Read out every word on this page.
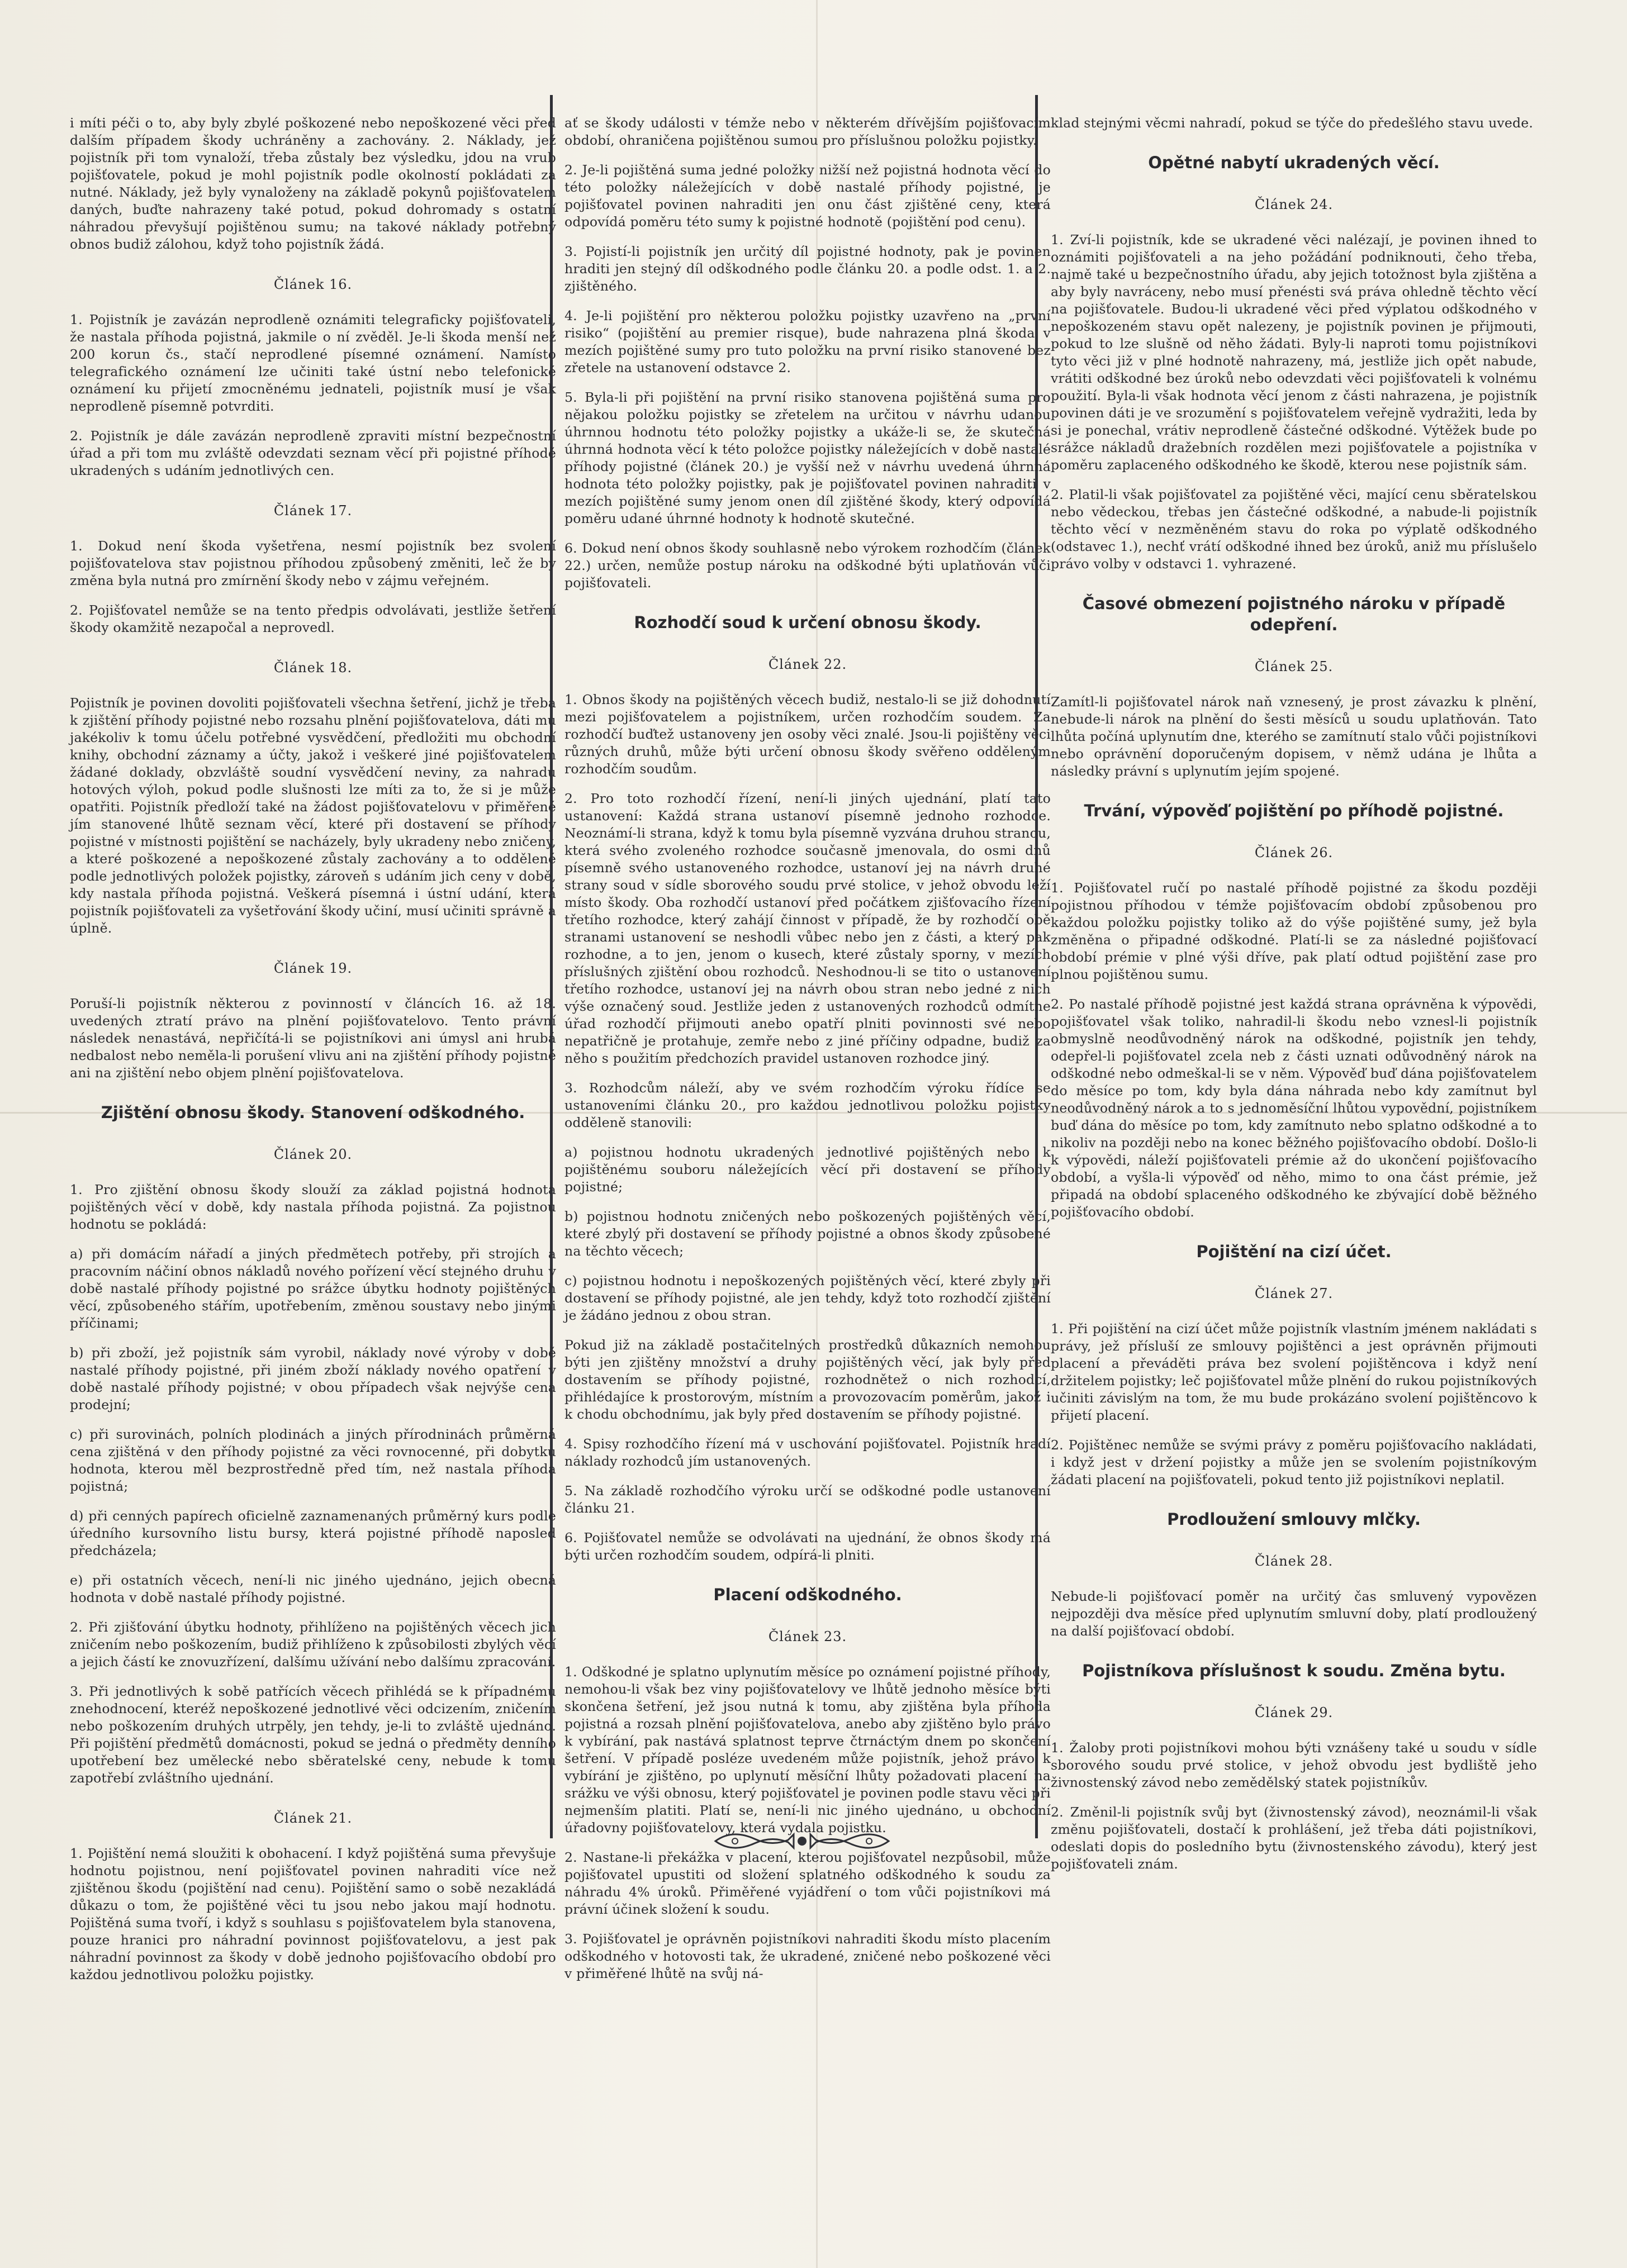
i míti péči o to, aby byly zbylé poškozené nebo nepoškozené věci před dalším případem škody uchráněny a zachovány. 2. Náklady, jež pojistník při tom vynaloží, třeba zůstaly bez výsledku, jdou na vrub pojišťovatele, pokud je mohl pojistník podle okolností pokládati za nutné. Náklady, jež byly vynaloženy na základě pokynů pojišťovatelem daných, buďte nahrazeny také potud, pokud dohromady s ostatní náhradou převyšují pojištěnou sumu; na takové náklady potřebný obnos budiž zálohou, když toho pojistník žádá.

Článek 16.

1. Pojistník je zavázán neprodleně oznámiti telegraficky pojišťovateli, že nastala příhoda pojistná, jakmile o ní zvěděl. Je-li škoda menší než 200 korun čs., stačí neprodlené písemné oznámení. Namísto telegrafického oznámení lze učiniti také ústní nebo telefonické oznámení ku přijetí zmocněnému jednateli, pojistník musí je však neprodleně písemně potvrditi.

2. Pojistník je dále zavázán neprodleně zpraviti místní bezpečnostní úřad a při tom mu zvláště odevzdati seznam věcí při pojistné příhodě ukradených s udáním jednotlivých cen.

Článek 17.

1. Dokud není škoda vyšetřena, nesmí pojistník bez svolení pojišťovatelova stav pojistnou příhodou způsobený změniti, leč že by změna byla nutná pro zmírnění škody nebo v zájmu veřejném.

2. Pojišťovatel nemůže se na tento předpis odvolávati, jestliže šetření škody okamžitě nezapočal a neprovedl.

Článek 18.

Pojistník je povinen dovoliti pojišťovateli všechna šetření, jichž je třeba k zjištění příhody pojistné nebo rozsahu plnění pojišťovatelova, dáti mu jakékoliv k tomu účelu potřebné vysvědčení, předložiti mu obchodní knihy, obchodní záznamy a účty, jakož i veškeré jiné pojišťovatelem žádané doklady, obzvláště soudní vysvědčení neviny, za nahradu hotových výloh, pokud podle slušnosti lze míti za to, že si je může opatřiti. Pojistník předloží také na žádost pojišťovatelovu v přiměřené jím stanovené lhůtě seznam věcí, které při dostavení se příhody pojistné v místnosti pojištění se nacházely, byly ukradeny nebo zničeny, a které poškozené a nepoškozené zůstaly zachovány a to oddělené podle jednotlivých položek pojistky, zároveň s udáním jich ceny v době, kdy nastala příhoda pojistná. Veškerá písemná i ústní udání, která pojistník pojišťovateli za vyšetřování škody učiní, musí učiniti správně a úplně.

Článek 19.

Poruší-li pojistník některou z povinností v článcích 16. až 18. uvedených ztratí právo na plnění pojišťovatelovo. Tento právní následek nenastává, nepřičítá-li se pojistníkovi ani úmysl ani hrubá nedbalost nebo neměla-li porušení vlivu ani na zjištění příhody pojistné ani na zjištění nebo objem plnění pojišťovatelova.

Zjištění obnosu škody. Stanovení odškodného.
Článek 20.

1. Pro zjištění obnosu škody slouží za základ pojistná hodnota pojištěných věcí v době, kdy nastala příhoda pojistná. Za pojistnou hodnotu se pokládá:

a) při domácím nářadí a jiných předmětech potřeby, při strojích a pracovním náčiní obnos nákladů nového pořízení věcí stejného druhu v době nastalé příhody pojistné po srážce úbytku hodnoty pojištěných věcí, způsobeného stářím, upotřebením, změnou soustavy nebo jinými příčinami;

b) při zboží, jež pojistník sám vyrobil, náklady nové výroby v době nastalé příhody pojistné, při jiném zboží náklady nového opatření v době nastalé příhody pojistné; v obou případech však nejvýše cena prodejní;

c) při surovinách, polních plodinách a jiných přírodninách průměrná cena zjištěná v den příhody pojistné za věci rovnocenné, při dobytku hodnota, kterou měl bezprostředně před tím, než nastala příhoda pojistná;

d) při cenných papírech oficielně zaznamenaných průměrný kurs podle úředního kursovního listu bursy, která pojistné příhodě naposled předcházela;

e) při ostatních věcech, není-li nic jiného ujednáno, jejich obecná hodnota v době nastalé příhody pojistné.

2. Při zjišťování úbytku hodnoty, přihlíženo na pojištěných věcech jich zničením nebo poškozením, budiž přihlíženo k způsobilosti zbylých věcí a jejich částí ke znovuzřízení, dalšímu užívání nebo dalšímu zpracování.

3. Při jednotlivých k sobě patřících věcech přihlédá se k případnému znehodnocení, kteréž nepoškozené jednotlivé věci odcizením, zničením nebo poškozením druhých utrpěly, jen tehdy, je-li to zvláště ujednáno. Při pojištění předmětů domácnosti, pokud se jedná o předměty denního upotřebení bez umělecké nebo sběratelské ceny, nebude k tomu zapotřebí zvláštního ujednání.

Článek 21.

1. Pojištění nemá sloužiti k obohacení. I když pojištěná suma převyšuje hodnotu pojistnou, není pojišťovatel povinen nahraditi více než zjištěnou škodu (pojištění nad cenu). Pojištění samo o sobě nezakládá důkazu o tom, že pojištěné věci tu jsou nebo jakou mají hodnotu. Pojištěná suma tvoří, i když s souhlasu s pojišťovatelem byla stanovena, pouze hranici pro náhradní povinnost pojišťovatelovu, a jest pak náhradní povinnost za škody v době jednoho pojišťovacího období pro každou jednotlivou položku pojistky.

ať se škody události v témže nebo v některém dřívějším pojišťovacím období, ohraničena pojištěnou sumou pro příslušnou položku pojistky.

2. Je-li pojištěná suma jedné položky nižší než pojistná hodnota věcí do této položky náležejících v době nastalé příhody pojistné, je pojišťovatel povinen nahraditi jen onu část zjištěné ceny, která odpovídá poměru této sumy k pojistné hodnotě (pojištění pod cenu).

3. Pojistí-li pojistník jen určitý díl pojistné hodnoty, pak je povinen hraditi jen stejný díl odškodného podle článku 20. a podle odst. 1. a 2. zjištěného.

4. Je-li pojištění pro některou položku pojistky uzavřeno na „první risiko“ (pojištění au premier risque), bude nahrazena plná škoda v mezích pojištěné sumy pro tuto položku na první risiko stanovené bez zřetele na ustanovení odstavce 2.

5. Byla-li při pojištění na první risiko stanovena pojištěná suma pro nějakou položku pojistky se zřetelem na určitou v návrhu udanou úhrnnou hodnotu této položky pojistky a ukáže-li se, že skutečná úhrnná hodnota věcí k této položce pojistky náležejících v době nastalé příhody pojistné (článek 20.) je vyšší než v návrhu uvedená úhrnná hodnota této položky pojistky, pak je pojišťovatel povinen nahraditi v mezích pojištěné sumy jenom onen díl zjištěné škody, který odpovídá poměru udané úhrnné hodnoty k hodnotě skutečné.

6. Dokud není obnos škody souhlasně nebo výrokem rozhodčím (článek 22.) určen, nemůže postup nároku na odškodné býti uplatňován vůči pojišťovateli.

Rozhodčí soud k určení obnosu škody.
Článek 22.

1. Obnos škody na pojištěných věcech budiž, nestalo-li se již dohodnutí mezi pojišťovatelem a pojistníkem, určen rozhodčím soudem. Za rozhodčí buďtež ustanoveny jen osoby věci znalé. Jsou-li pojištěny věci různých druhů, může býti určení obnosu škody svěřeno odděleným rozhodčím soudům.

2. Pro toto rozhodčí řízení, není-li jiných ujednání, platí tato ustanovení: Každá strana ustanoví písemně jednoho rozhodce. Neoznámí-li strana, když k tomu byla písemně vyzvána druhou stranou, která svého zvoleného rozhodce současně jmenovala, do osmi dnů písemně svého ustanoveného rozhodce, ustanoví jej na návrh druhé strany soud v sídle sborového soudu prvé stolice, v jehož obvodu leží místo škody. Oba rozhodčí ustanoví před počátkem zjišťovacího řízení třetího rozhodce, který zahájí činnost v případě, že by rozhodčí obě stranami ustanovení se neshodli vůbec nebo jen z části, a který pak rozhodne, a to jen, jenom o kusech, které zůstaly sporny, v mezích příslušných zjištění obou rozhodců. Neshodnou-li se tito o ustanovení třetího rozhodce, ustanoví jej na návrh obou stran nebo jedné z nich výše označený soud. Jestliže jeden z ustanovených rozhodců odmítne úřad rozhodčí přijmouti anebo opatří plniti povinnosti své nebo nepatřičně je protahuje, zemře nebo z jiné příčiny odpadne, budiž za něho s použitím předchozích pravidel ustanoven rozhodce jiný.

3. Rozhodcům náleží, aby ve svém rozhodčím výroku řídíce se ustanoveními článku 20., pro každou jednotlivou položku pojistky odděleně stanovili:

a) pojistnou hodnotu ukradených jednotlivé pojištěných nebo k pojištěnému souboru náležejících věcí při dostavení se příhody pojistné;

b) pojistnou hodnotu zničených nebo poškozených pojištěných věcí, které zbylý při dostavení se příhody pojistné a obnos škody způsobené na těchto věcech;

c) pojistnou hodnotu i nepoškozených pojištěných věcí, které zbyly při dostavení se příhody pojistné, ale jen tehdy, když toto rozhodčí zjištění je žádáno jednou z obou stran.

Pokud již na základě postačitelných prostředků důkazních nemohou býti jen zjištěny množství a druhy pojištěných věcí, jak byly před dostavením se příhody pojistné, rozhodnětež o nich rozhodcí, přihlédajíce k prostorovým, místním a provozovacím poměrům, jakož i k chodu obchodnímu, jak byly před dostavením se příhody pojistné.

4. Spisy rozhodčího řízení má v uschování pojišťovatel. Pojistník hradí náklady rozhodců jím ustanovených.

5. Na základě rozhodčího výroku určí se odškodné podle ustanovení článku 21.

6. Pojišťovatel nemůže se odvolávati na ujednání, že obnos škody má býti určen rozhodčím soudem, odpírá-li plniti.

Placení odškodného.
Článek 23.

1. Odškodné je splatno uplynutím měsíce po oznámení pojistné příhody, nemohou-li však bez viny pojišťovatelovy ve lhůtě jednoho měsíce býti skončena šetření, jež jsou nutná k tomu, aby zjištěna byla příhoda pojistná a rozsah plnění pojišťovatelova, anebo aby zjištěno bylo právo k vybírání, pak nastává splatnost teprve čtrnáctým dnem po skončení šetření. V případě posléze uvedeném může pojistník, jehož právo k vybírání je zjištěno, po uplynutí měsíční lhůty požadovati placení na srážku ve výši obnosu, který pojišťovatel je povinen podle stavu věci při nejmenším platiti. Platí se, není-li nic jiného ujednáno, u obchodní úřadovny pojišťovatelovy, která vydala pojistku.

2. Nastane-li překážka v placení, kterou pojišťovatel nezpůsobil, může pojišťovatel upustiti od složení splatného odškodného k soudu za náhradu 4% úroků. Přiměřené vyjádření o tom vůči pojistníkovi má právní účinek složení k soudu.

3. Pojišťovatel je oprávněn pojistníkovi nahraditi škodu místo placením odškodného v hotovosti tak, že ukradené, zničené nebo poškozené věci v přiměřené lhůtě na svůj ná-

klad stejnými věcmi nahradí, pokud se týče do předešlého stavu uvede.

Opětné nabytí ukradených věcí.
Článek 24.

1. Zví-li pojistník, kde se ukradené věci nalézají, je povinen ihned to oznámiti pojišťovateli a na jeho požádání podniknouti, čeho třeba, najmě také u bezpečnostního úřadu, aby jejich totožnost byla zjištěna a aby byly navráceny, nebo musí přenésti svá práva ohledně těchto věcí na pojišťovatele. Budou-li ukradené věci před výplatou odškodného v nepoškozeném stavu opět nalezeny, je pojistník povinen je přijmouti, pokud to lze slušně od něho žádati. Byly-li naproti tomu pojistníkovi tyto věci již v plné hodnotě nahrazeny, má, jestliže jich opět nabude, vrátiti odškodné bez úroků nebo odevzdati věci pojišťovateli k volnému použití. Byla-li však hodnota věcí jenom z části nahrazena, je pojistník povinen dáti je ve srozumění s pojišťovatelem veřejně vydražiti, leda by si je ponechal, vrátiv neprodleně částečné odškodné. Výtěžek bude po srážce nákladů dražebních rozdělen mezi pojišťovatele a pojistníka v poměru zaplaceného odškodného ke škodě, kterou nese pojistník sám.

2. Platil-li však pojišťovatel za pojištěné věci, mající cenu sběratelskou nebo vědeckou, třebas jen částečné odškodné, a nabude-li pojistník těchto věcí v nezměněném stavu do roka po výplatě odškodného (odstavec 1.), nechť vrátí odškodné ihned bez úroků, aniž mu příslušelo právo volby v odstavci 1. vyhrazené.

Časové obmezení pojistného nároku v případě odepření.
Článek 25.

Zamítl-li pojišťovatel nárok naň vznesený, je prost závazku k plnění, nebude-li nárok na plnění do šesti měsíců u soudu uplatňován. Tato lhůta počíná uplynutím dne, kterého se zamítnutí stalo vůči pojistníkovi nebo oprávnění doporučeným dopisem, v němž udána je lhůta a následky právní s uplynutím jejím spojené.

Trvání, výpověď pojištění po příhodě pojistné.
Článek 26.

1. Pojišťovatel ručí po nastalé příhodě pojistné za škodu později pojistnou příhodou v témže pojišťovacím období způsobenou pro každou položku pojistky toliko až do výše pojištěné sumy, jež byla změněna o připadné odškodné. Platí-li se za následné pojišťovací období prémie v plné výši dříve, pak platí odtud pojištění zase pro plnou pojištěnou sumu.

2. Po nastalé příhodě pojistné jest každá strana oprávněna k výpovědi, pojišťovatel však toliko, nahradil-li škodu nebo vznesl-li pojistník obmyslně neodůvodněný nárok na odškodné, pojistník jen tehdy, odepřel-li pojišťovatel zcela neb z části uznati odůvodněný nárok na odškodné nebo odmeškal-li se v něm. Výpověď buď dána pojišťovatelem do měsíce po tom, kdy byla dána náhrada nebo kdy zamítnut byl neodůvodněný nárok a to s jednoměsíční lhůtou vypovědní, pojistníkem buď dána do měsíce po tom, kdy zamítnuto nebo splatno odškodné a to nikoliv na později nebo na konec běžného pojišťovacího období. Došlo-li k výpovědi, náleží pojišťovateli prémie až do ukončení pojišťovacího období, a vyšla-li výpověď od něho, mimo to ona část prémie, jež připadá na období splaceného odškodného ke zbývající době běžného pojišťovacího období.

Pojištění na cizí účet.
Článek 27.

1. Při pojištění na cizí účet může pojistník vlastním jménem nakládati s právy, jež přísluší ze smlouvy pojištěnci a jest oprávněn přijmouti placení a převáděti práva bez svolení pojištěncova i když není držitelem pojistky; leč pojišťovatel může plnění do rukou pojistníkových učiniti závislým na tom, že mu bude prokázáno svolení pojištěncovo k přijetí placení.

2. Pojištěnec nemůže se svými právy z poměru pojišťovacího nakládati, i když jest v držení pojistky a může jen se svolením pojistníkovým žádati placení na pojišťovateli, pokud tento již pojistníkovi neplatil.

Prodloužení smlouvy mlčky.
Článek 28.

Nebude-li pojišťovací poměr na určitý čas smluvený vypovězen nejpozději dva měsíce před uplynutím smluvní doby, platí prodloužený na další pojišťovací období.

Pojistníkova příslušnost k soudu. Změna bytu.
Článek 29.

1. Žaloby proti pojistníkovi mohou býti vznášeny také u soudu v sídle sborového soudu prvé stolice, v jehož obvodu jest bydliště jeho živnostenský závod nebo zemědělský statek pojistníkův.

2. Změnil-li pojistník svůj byt (živnostenský závod), neoznámil-li však změnu pojišťovateli, dostačí k prohlášení, jež třeba dáti pojistníkovi, odeslati dopis do posledního bytu (živnostenského závodu), který jest pojišťovateli znám.
